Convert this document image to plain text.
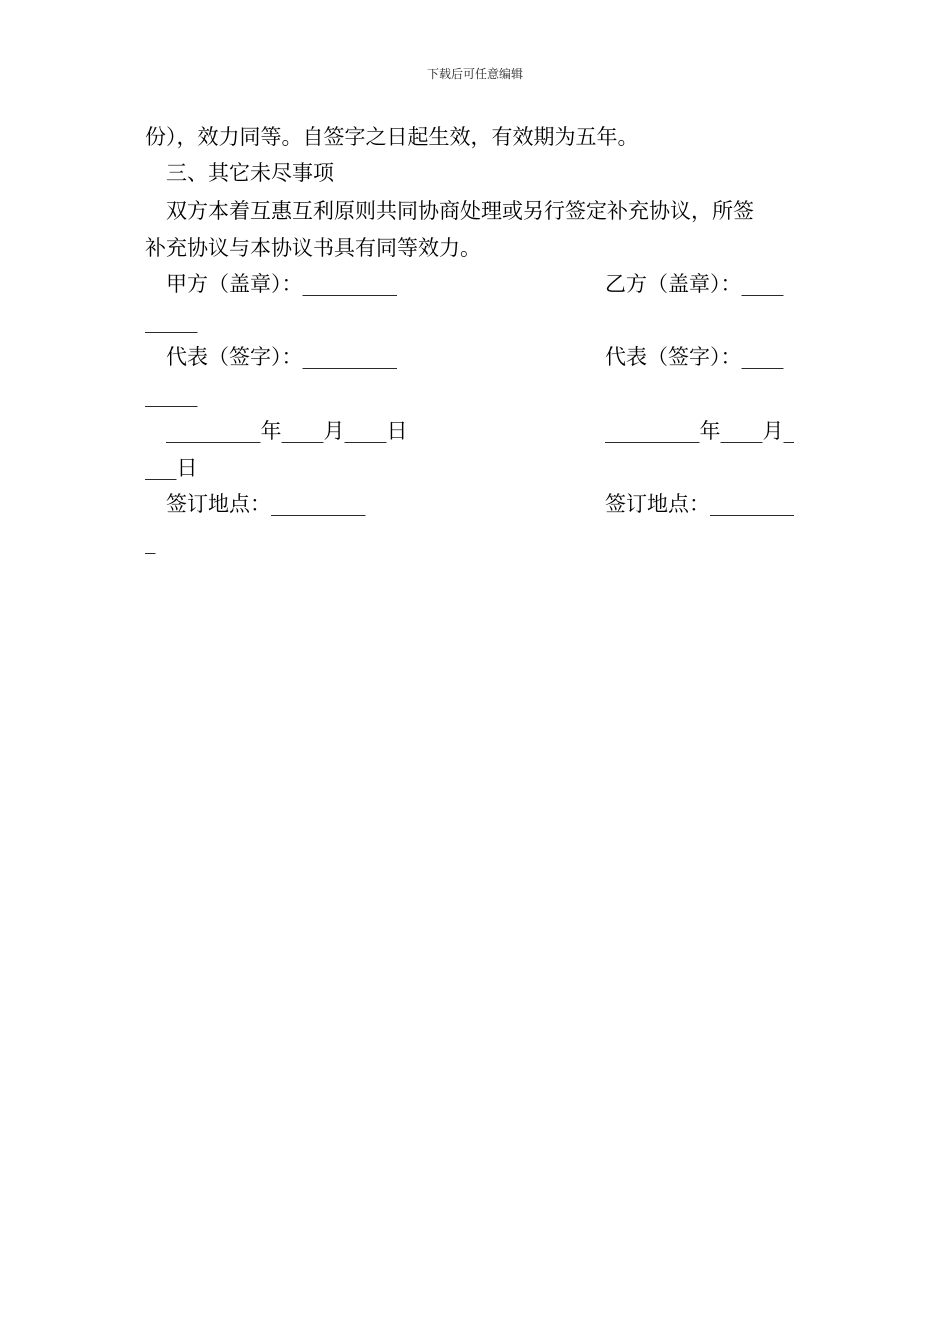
下载后可任意编辑
份），效力同等。自签字之日起生效，有效期为五年。
三、其它未尽事项
双方本着互惠互利原则共同协商处理或另行签定补充协议，所签
补充协议与本协议书具有同等效力。
甲方（盖章）：_________	乙方（盖章）：____
_____
代表（签字）：_________	代表（签字）：____
_____
_________年____月____日	_________年____月_
___日
签订地点：_________	签订地点：________
_
